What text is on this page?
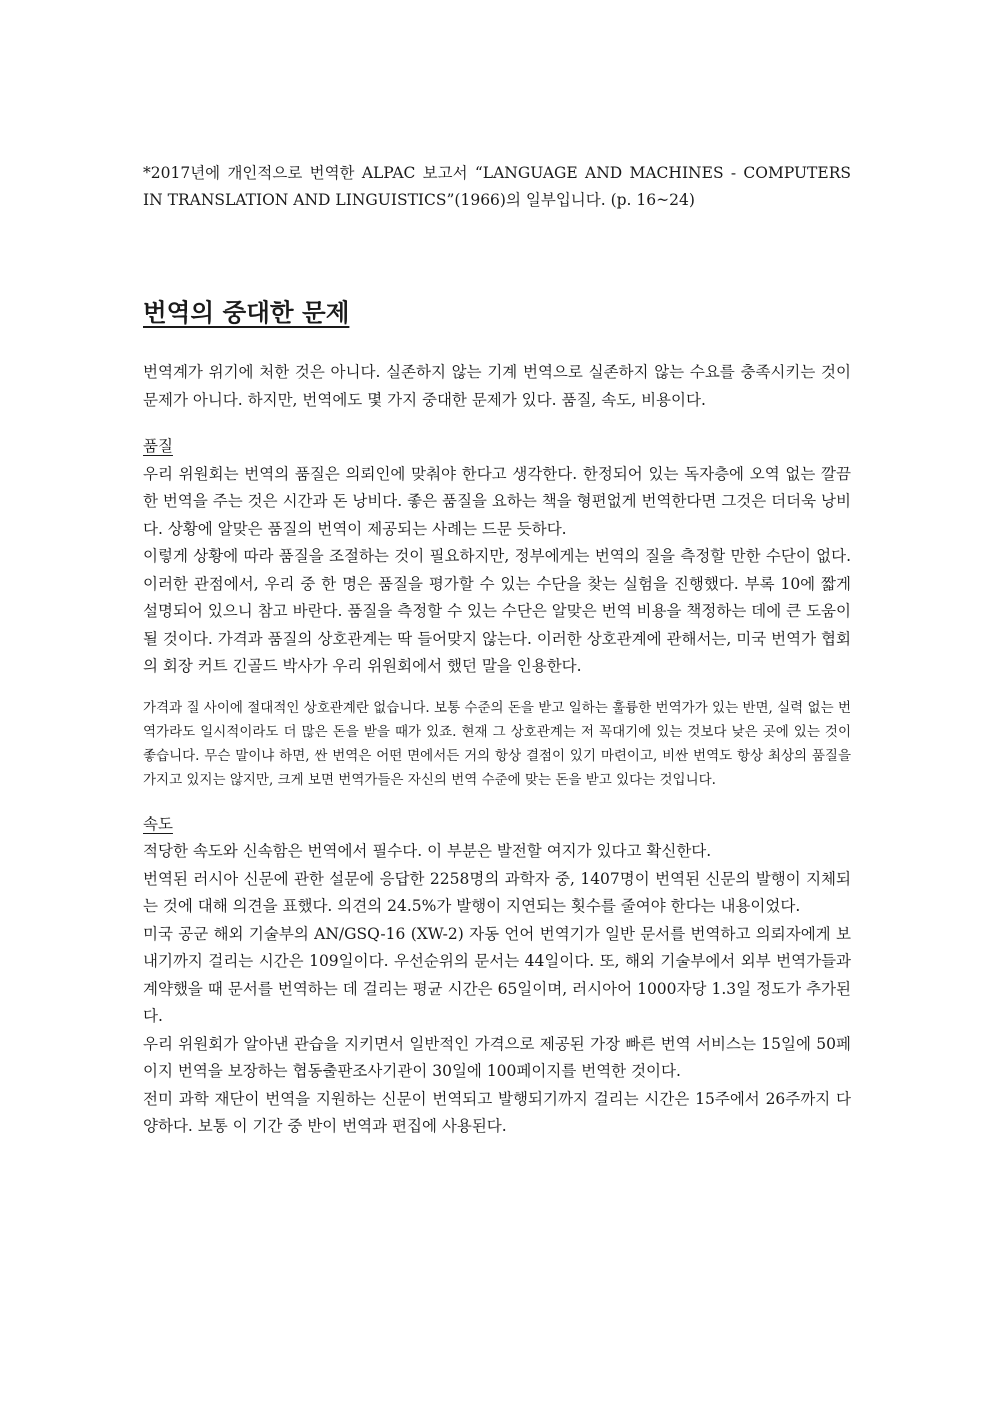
*2017년에 개인적으로 번역한 ALPAC 보고서 “LANGUAGE AND MACHINES - COMPUTERS IN TRANSLATION AND LINGUISTICS”(1966)의 일부입니다. (p. 16~24)
번역의 중대한 문제

번역계가 위기에 처한 것은 아니다. 실존하지 않는 기계 번역으로 실존하지 않는 수요를 충족시키는 것이 문제가 아니다. 하지만, 번역에도 몇 가지 중대한 문제가 있다. 품질, 속도, 비용이다.

품질

우리 위원회는 번역의 품질은 의뢰인에 맞춰야 한다고 생각한다. 한정되어 있는 독자층에 오역 없는 깔끔한 번역을 주는 것은 시간과 돈 낭비다. 좋은 품질을 요하는 책을 형편없게 번역한다면 그것은 더더욱 낭비다. 상황에 알맞은 품질의 번역이 제공되는 사례는 드문 듯하다.

이렇게 상황에 따라 품질을 조절하는 것이 필요하지만, 정부에게는 번역의 질을 측정할 만한 수단이 없다. 이러한 관점에서, 우리 중 한 명은 품질을 평가할 수 있는 수단을 찾는 실험을 진행했다. 부록 10에 짧게 설명되어 있으니 참고 바란다. 품질을 측정할 수 있는 수단은 알맞은 번역 비용을 책정하는 데에 큰 도움이 될 것이다. 가격과 품질의 상호관계는 딱 들어맞지 않는다. 이러한 상호관계에 관해서는, 미국 번역가 협회의 회장 커트 긴골드 박사가 우리 위원회에서 했던 말을 인용한다.

가격과 질 사이에 절대적인 상호관계란 없습니다. 보통 수준의 돈을 받고 일하는 훌륭한 번역가가 있는 반면, 실력 없는 번역가라도 일시적이라도 더 많은 돈을 받을 때가 있죠. 현재 그 상호관계는 저 꼭대기에 있는 것보다 낮은 곳에 있는 것이 좋습니다. 무슨 말이냐 하면, 싼 번역은 어떤 면에서든 거의 항상 결점이 있기 마련이고, 비싼 번역도 항상 최상의 품질을 가지고 있지는 않지만, 크게 보면 번역가들은 자신의 번역 수준에 맞는 돈을 받고 있다는 것입니다.

속도

적당한 속도와 신속함은 번역에서 필수다. 이 부분은 발전할 여지가 있다고 확신한다.

번역된 러시아 신문에 관한 설문에 응답한 2258명의 과학자 중, 1407명이 번역된 신문의 발행이 지체되는 것에 대해 의견을 표했다. 의견의 24.5%가 발행이 지연되는 횟수를 줄여야 한다는 내용이었다.

미국 공군 해외 기술부의 AN/GSQ-16 (XW-2) 자동 언어 번역기가 일반 문서를 번역하고 의뢰자에게 보내기까지 걸리는 시간은 109일이다. 우선순위의 문서는 44일이다. 또, 해외 기술부에서 외부 번역가들과 계약했을 때 문서를 번역하는 데 걸리는 평균 시간은 65일이며, 러시아어 1000자당 1.3일 정도가 추가된다.

우리 위원회가 알아낸 관습을 지키면서 일반적인 가격으로 제공된 가장 빠른 번역 서비스는 15일에 50페이지 번역을 보장하는 협동출판조사기관이 30일에 100페이지를 번역한 것이다.

전미 과학 재단이 번역을 지원하는 신문이 번역되고 발행되기까지 걸리는 시간은 15주에서 26주까지 다양하다. 보통 이 기간 중 반이 번역과 편집에 사용된다.
